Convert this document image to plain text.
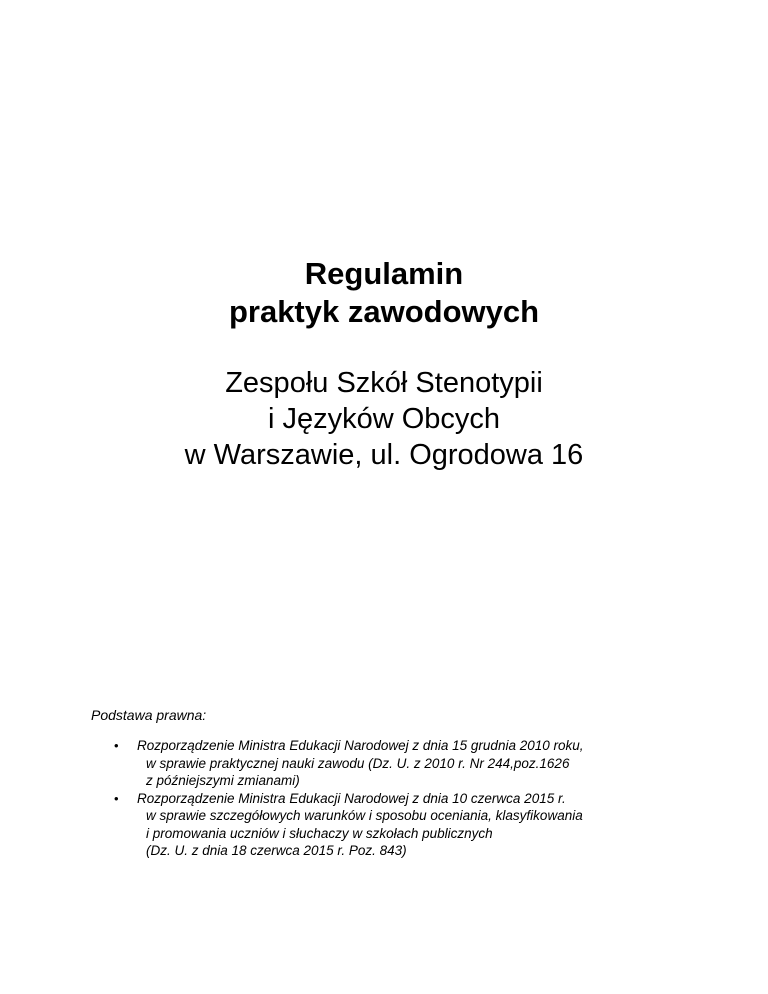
Regulamin
praktyk zawodowych
Zespołu Szkół Stenotypii
i Języków Obcych
w Warszawie, ul. Ogrodowa 16
Podstawa prawna:
• Rozporządzenie Ministra Edukacji Narodowej z dnia 15 grudnia 2010 roku,
w sprawie praktycznej nauki zawodu (Dz. U. z 2010 r. Nr 244,poz.1626
z późniejszymi zmianami)
• Rozporządzenie Ministra Edukacji Narodowej z dnia 10 czerwca 2015 r.
w sprawie szczegółowych warunków i sposobu oceniania, klasyfikowania
i promowania uczniów i słuchaczy w szkołach publicznych
(Dz. U. z dnia 18 czerwca 2015 r. Poz. 843)
